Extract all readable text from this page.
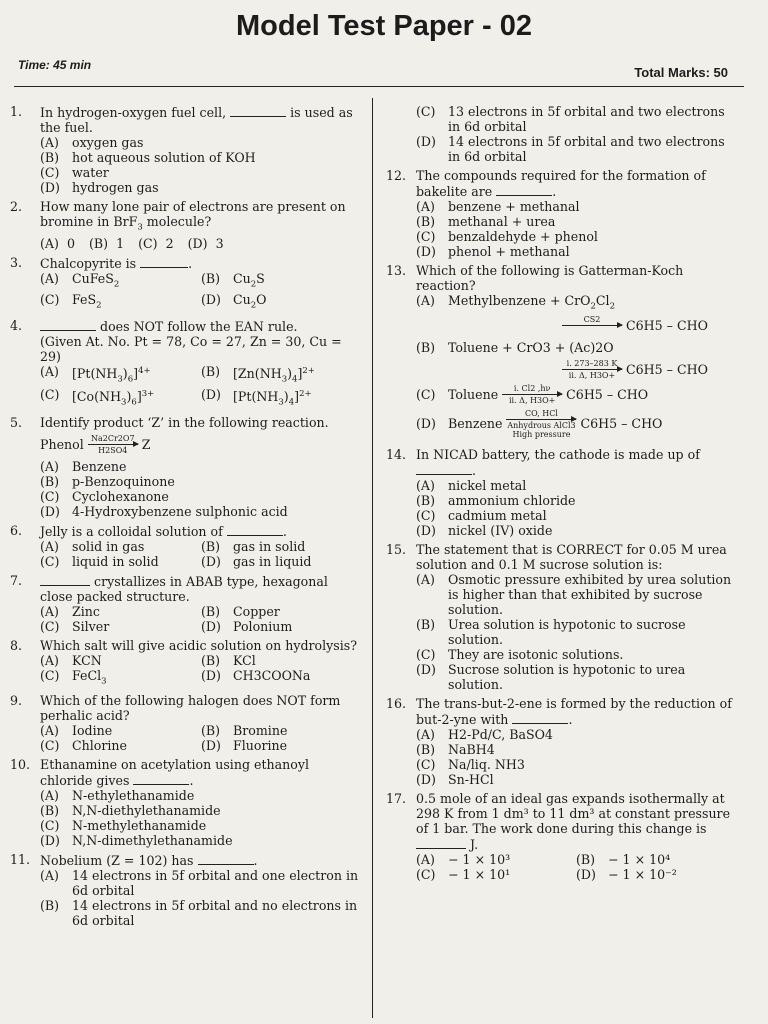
Model Test Paper - 02
Time: 45 min	Total Marks: 50
1.	In hydrogen-oxygen fuel cell,	is used as the fuel.
(A)	oxygen gas
(B)	hot aqueous solution of KOH
(C) water
(D) hydrogen gas
2.	How many lone pair of electrons are present on bromine in BrF$_3$ molecule?
(A) 0	(B) 1	(C) 2	(D) 3
3.	Chalcopyrite is	.
(A)	CuFeS$_2$	(B)	$Cu_2S$
(C) FeS$_2$	(D) $Cu_2O$
4.	does NOT follow the EAN rule.
(Given At. No. Pt = 78, Co = 27, Zn = 30, Cu = 29)
(A)	$[Pt(NH_3)_6]^{4+}$	(B)	$[Zn(NH_3)_4]^{2+}$
(C) $[Co(NH_3)_6]^{3+}$	(D) $[Pt(NH_3)_4]^{2+}$
5.	Identify product ‘Z’ in the following reaction.
Phenol Na2Cr2O7
H2SO4 Z
(A)	Benzene
(B)	p-Benzoquinone
(C) Cyclohexanone
(D) 4-Hydroxybenzene sulphonic acid
6.	Jelly is a colloidal solution of	.
(A)	solid in gas	(B)	gas in solid
(C) liquid in solid	(D) gas in liquid
7.	crystallizes in ABAB type, hexagonal close packed structure.
(A)	Zinc	(B)	Copper
(C) Silver	(D) Polonium
8.	Which salt will give acidic solution on hydrolysis?
(A)	KCN	(B)	KCl
(C) FeCl$_3$	(D) CH3COONa
9.	Which of the following halogen does NOT form perhalic acid?
(A)	Iodine	(B)	Bromine
(C) Chlorine	(D) Fluorine
10. Ethanamine on acetylation using ethanoyl chloride gives	.
(A)	N-ethylethanamide
(B)	N,N-diethylethanamide
(C) N-methylethanamide
(D) N,N-dimethylethanamide
11. Nobelium (Z = 102) has	.
(A)	14 electrons in 5f orbital and one electron in 6d orbital
(B)	14 electrons in 5f orbital and no electrons in 6d orbital
(C) 13 electrons in 5f orbital and two electrons in 6d orbital
(D) 14 electrons in 5f orbital and two electrons in 6d orbital
12. The compounds required for the formation of bakelite are	.
(A)	benzene + methanal
(B)	methanal + urea
(C) benzaldehyde + phenol
(D) phenol + methanal
13. Which of the following is Gatterman-Koch reaction?
(A) Methylbenzene + $CrO_2Cl_2$
CS2
C6H5 – CHO
(B)	Toluene + CrO3 + (Ac)2O
i. 273–283 K
ii. Δ, H3O+ C6H5 – CHO
(C) Toluene i. Cl2 ,hν
ii. Δ, H3O+ C6H5 – CHO
(D) Benzene
CO, HCl
Anhydrous AlCl3
High pressure
C6H5 – CHO
14. In NICAD battery, the cathode is made up of .
(A)	nickel metal
(B)	ammonium chloride
(C) cadmium metal
(D) nickel (IV) oxide
15. The statement that is CORRECT for 0.05 M urea solution and 0.1 M sucrose solution is:
(A)	Osmotic pressure exhibited by urea solution is higher than that exhibited by sucrose solution.
(B)	Urea solution is hypotonic to sucrose solution.
(C) They are isotonic solutions.
(D) Sucrose solution is hypotonic to urea solution.
16. The trans-but-2-ene is formed by the reduction of but-2-yne with	.
(A)	H2-Pd/C, BaSO4
(B)	NaBH4
(C) Na/liq. NH3
(D) Sn-HCl
17. 0.5 mole of an ideal gas expands isothermally at 298 K from 1 dm³ to 11 dm³ at constant pressure of 1 bar. The work done during this change is  J.
(A)	− 1 × 10³	(B)	− 1 × 10⁴
(C) − 1 × 10¹	(D) − 1 × 10⁻²
